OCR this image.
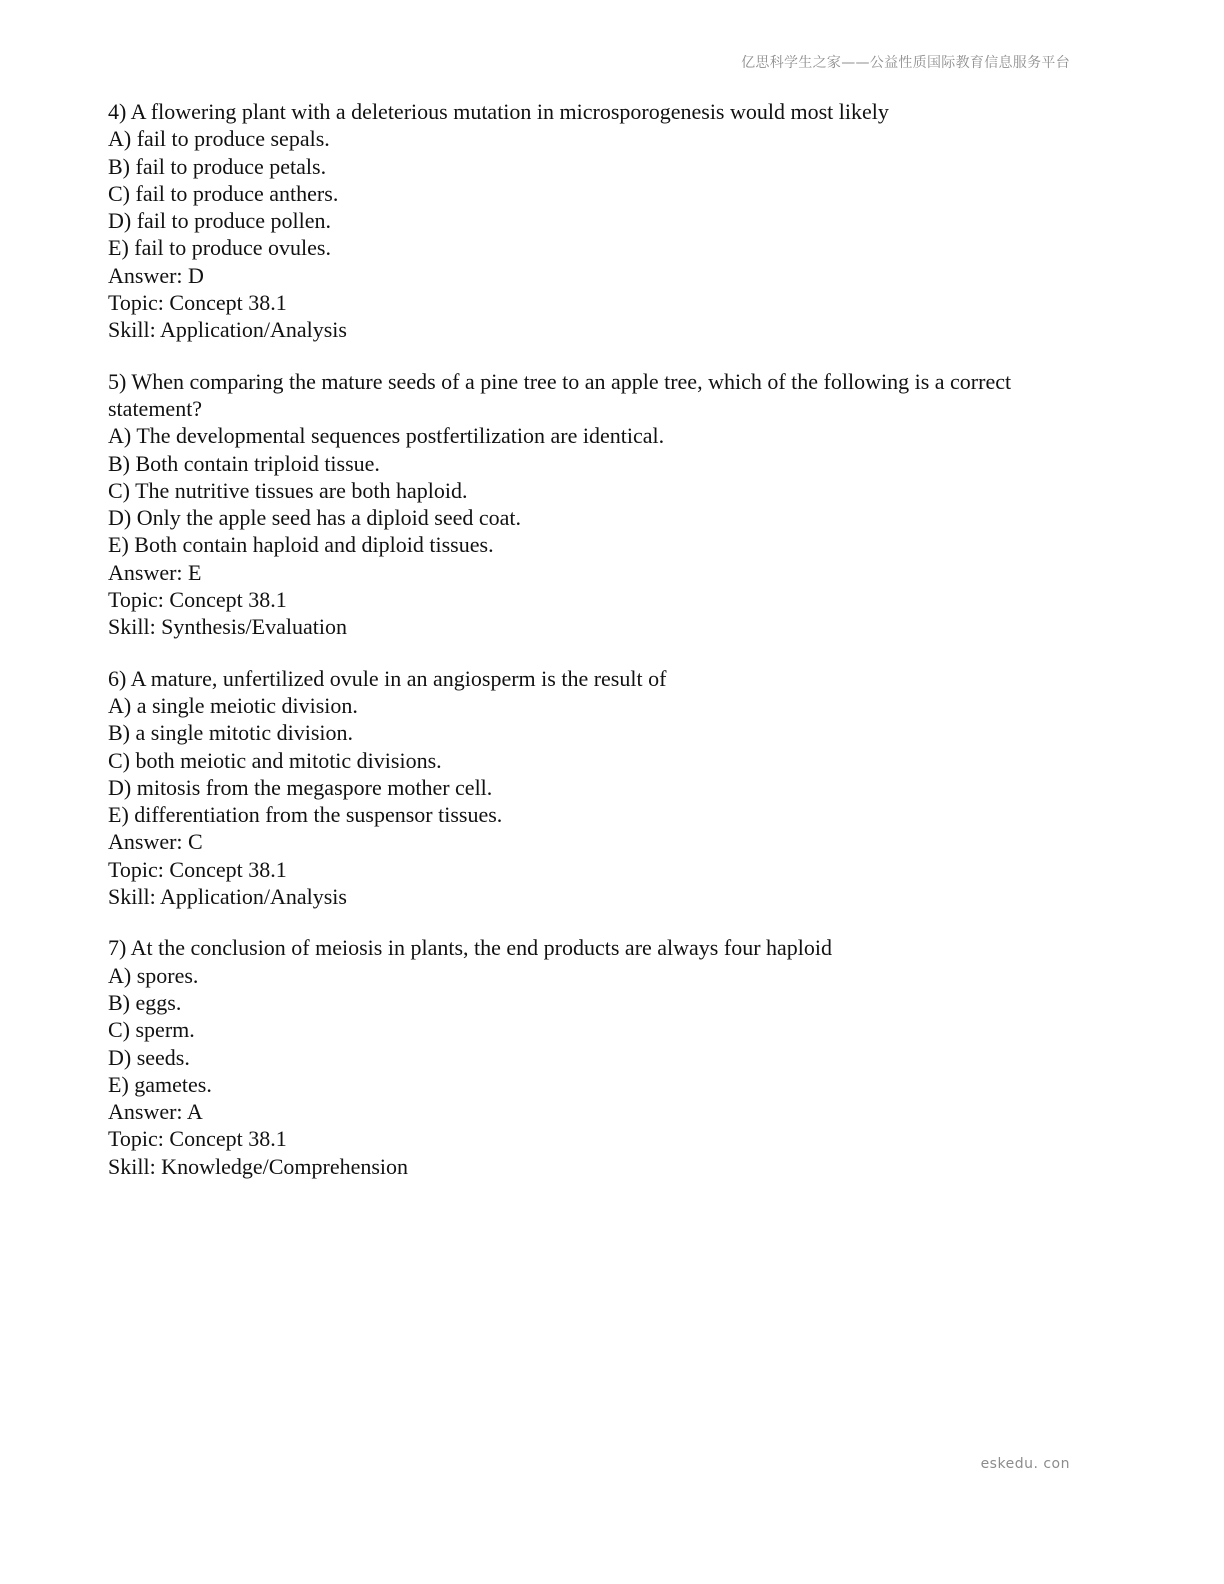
亿思科学生之家——公益性质国际教育信息服务平台
4) A flowering plant with a deleterious mutation in microsporogenesis would most likely
A) fail to produce sepals.
B) fail to produce petals.
C) fail to produce anthers.
D) fail to produce pollen.
E) fail to produce ovules.
Answer: D
Topic: Concept 38.1
Skill: Application/Analysis
5) When comparing the mature seeds of a pine tree to an apple tree, which of the following is a correct statement?
A) The developmental sequences postfertilization are identical.
B) Both contain triploid tissue.
C) The nutritive tissues are both haploid.
D) Only the apple seed has a diploid seed coat.
E) Both contain haploid and diploid tissues.
Answer: E
Topic: Concept 38.1
Skill: Synthesis/Evaluation
6) A mature, unfertilized ovule in an angiosperm is the result of
A) a single meiotic division.
B) a single mitotic division.
C) both meiotic and mitotic divisions.
D) mitosis from the megaspore mother cell.
E) differentiation from the suspensor tissues.
Answer: C
Topic: Concept 38.1
Skill: Application/Analysis
7) At the conclusion of meiosis in plants, the end products are always four haploid
A) spores.
B) eggs.
C) sperm.
D) seeds.
E) gametes.
Answer: A
Topic: Concept 38.1
Skill: Knowledge/Comprehension
eskedu. con
